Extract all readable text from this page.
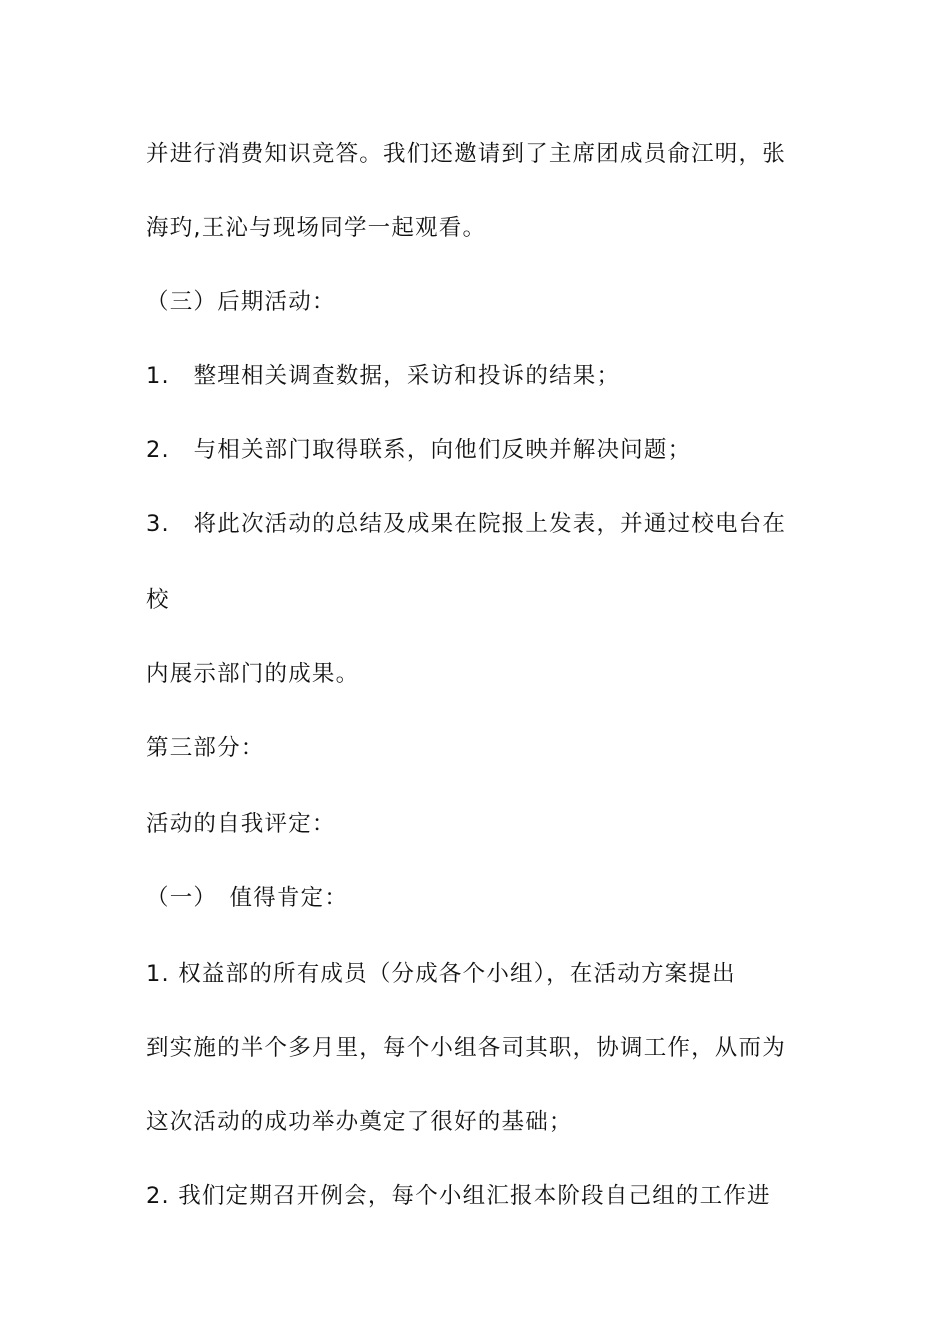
并进行消费知识竞答。我们还邀请到了主席团成员俞江明，张
海玓,王沁与现场同学一起观看。
（三）后期活动：
1.　整理相关调查数据，采访和投诉的结果；
2.　与相关部门取得联系，向他们反映并解决问题；
3.　将此次活动的总结及成果在院报上发表，并通过校电台在
校
内展示部门的成果。
第三部分：
活动的自我评定：
（一）　值得肯定：
1. 权益部的所有成员（分成各个小组），在活动方案提出
到实施的半个多月里，每个小组各司其职，协调工作，从而为
这次活动的成功举办奠定了很好的基础；
2. 我们定期召开例会，每个小组汇报本阶段自己组的工作进
